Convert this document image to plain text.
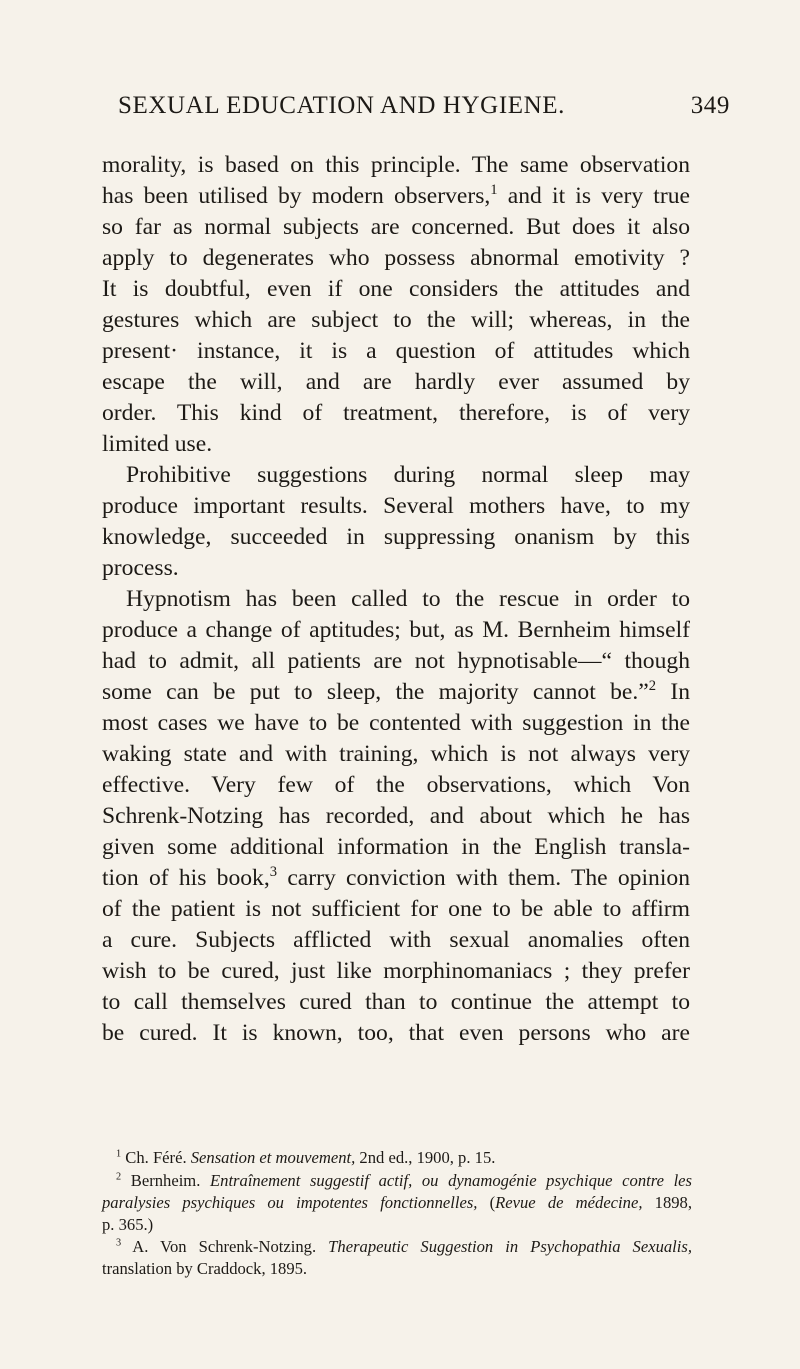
SEXUAL EDUCATION AND HYGIENE.	349
morality, is based on this principle. The same observation
has been utilised by modern observers,$^1$ and it is very true
so far as normal subjects are concerned. But does it also
apply to degenerates who possess abnormal emotivity ?
It is doubtful, even if one considers the attitudes and
gestures which are subject to the will; whereas, in the
present· instance, it is a question of attitudes which
escape the will, and are hardly ever assumed by
order. This kind of treatment, therefore, is of very
limited use.
Prohibitive suggestions during normal sleep may
produce important results. Several mothers have, to my
knowledge, succeeded in suppressing onanism by this
process.
Hypnotism has been called to the rescue in order to
produce a change of aptitudes; but, as M. Bernheim himself
had to admit, all patients are not hypnotisable—“ though
some can be put to sleep, the majority cannot be.”$^2$ In
most cases we have to be contented with suggestion in the
waking state and with training, which is not always very
effective. Very few of the observations, which Von
Schrenk-Notzing has recorded, and about which he has
given some additional information in the English transla-
tion of his book,$^3$ carry conviction with them. The opinion
of the patient is not sufficient for one to be able to affirm
a cure. Subjects afflicted with sexual anomalies often
wish to be cured, just like morphinomaniacs ; they prefer
to call themselves cured than to continue the attempt to
be cured. It is known, too, that even persons who are
$^1$ Ch. Féré. Sensation et mouvement, 2nd ed., 1900, p. 15.
$^2$ Bernheim. Entraînement suggestif actif, ou dynamogénie psychique contre les
paralysies psychiques ou impotentes fonctionnelles, (Revue de médecine, 1898,
p. 365.)
$^3$ A. Von Schrenk-Notzing. Therapeutic Suggestion in Psychopathia Sexualis,
translation by Craddock, 1895.
